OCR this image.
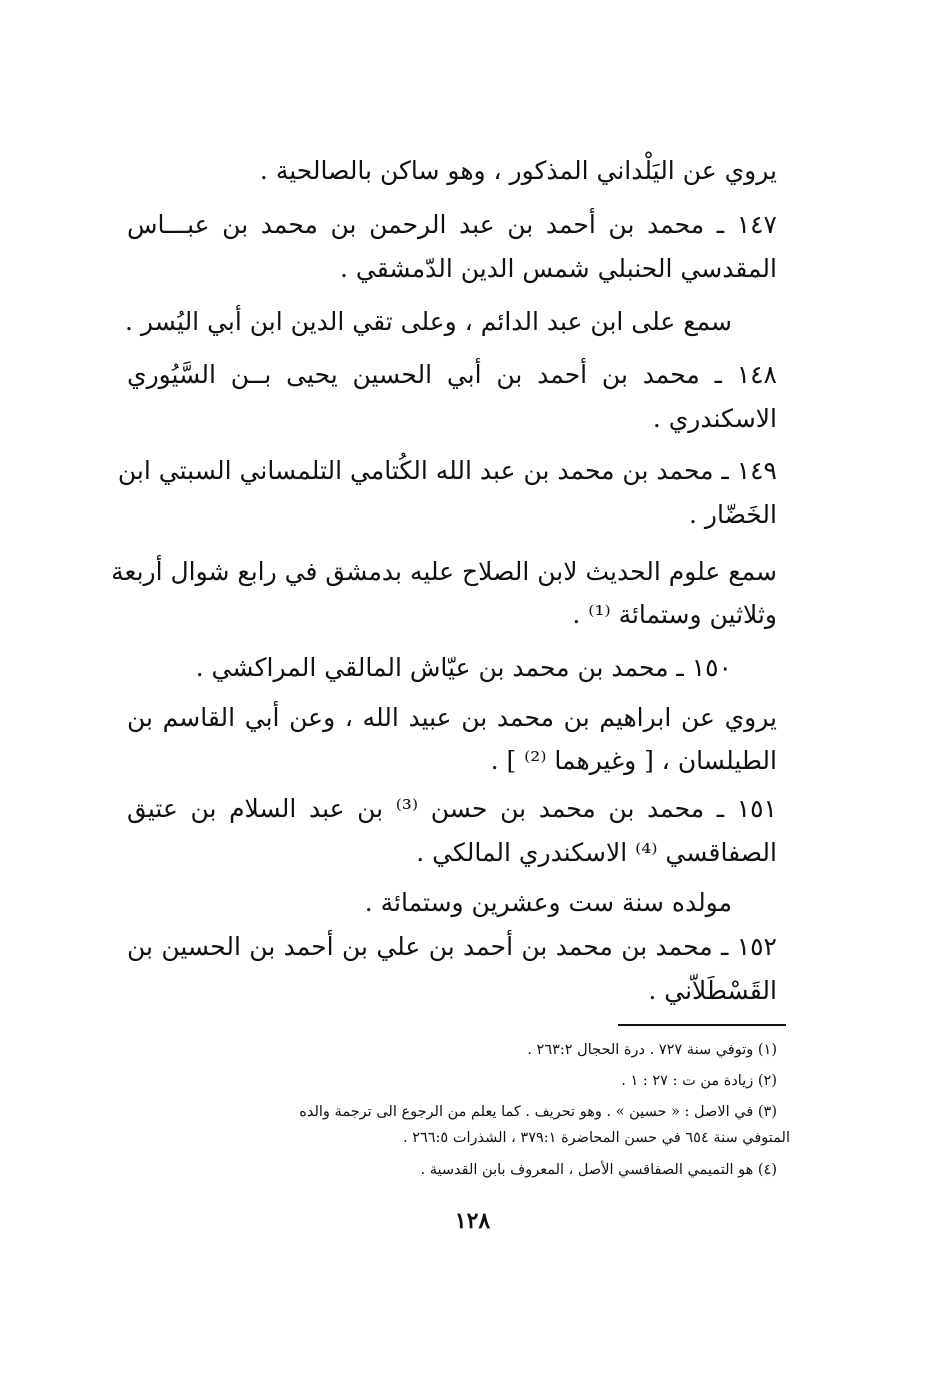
يروي عن اليَلْداني المذكور ، وهو ساكن بالصالحية .
١٤٧ ـ محمد بن أحمد بن عبد الرحمن بن محمد بن عبـــاس
المقدسي الحنبلي شمس الدين الدّمشقي .
سمع على ابن عبد الدائم ، وعلى تقي الدين ابن أبي اليُسر .
١٤٨ ـ محمد بن أحمد بن أبي الحسين يحيى بــن السَّيُوري
الاسكندري .
١٤٩ ـ محمد بن محمد بن عبد الله الكُتامي التلمساني السبتي ابن
الخَضّار .
سمع علوم الحديث لابن الصلاح عليه بدمشق في رابع شوال أربعة
وثلاثين وستمائة ⁽¹⁾ .
١٥٠ ـ محمد بن محمد بن عيّاش المالقي المراكشي .
يروي عن ابراهيم بن محمد بن عبيد الله ، وعن أبي القاسم بن
الطيلسان ، [ وغيرهما ⁽²⁾ ] .
١٥١ ـ محمد بن محمد بن حسن ⁽³⁾ بن عبد السلام بن عتيق
الصفاقسي ⁽⁴⁾ الاسكندري المالكي .
مولده سنة ست وعشرين وستمائة .
١٥٢ ـ محمد بن محمد بن أحمد بن علي بن أحمد بن الحسين بن
القَسْطَلاّني .
(١) وتوفي سنة ٧٢٧ . درة الحجال ٢٦٣:٢ .
(٢) زيادة من ت : ٢٧ : ١ .
(٣) في الاصل : « حسين » . وهو تحريف . كما يعلم من الرجوع الى ترجمة والده
المتوفي سنة ٦٥٤ في حسن المحاضرة ٣٧٩:١ ، الشذرات ٢٦٦:٥ .
(٤) هو التميمي الصفاقسي الأصل ، المعروف بابن القدسية .
١٢٨
